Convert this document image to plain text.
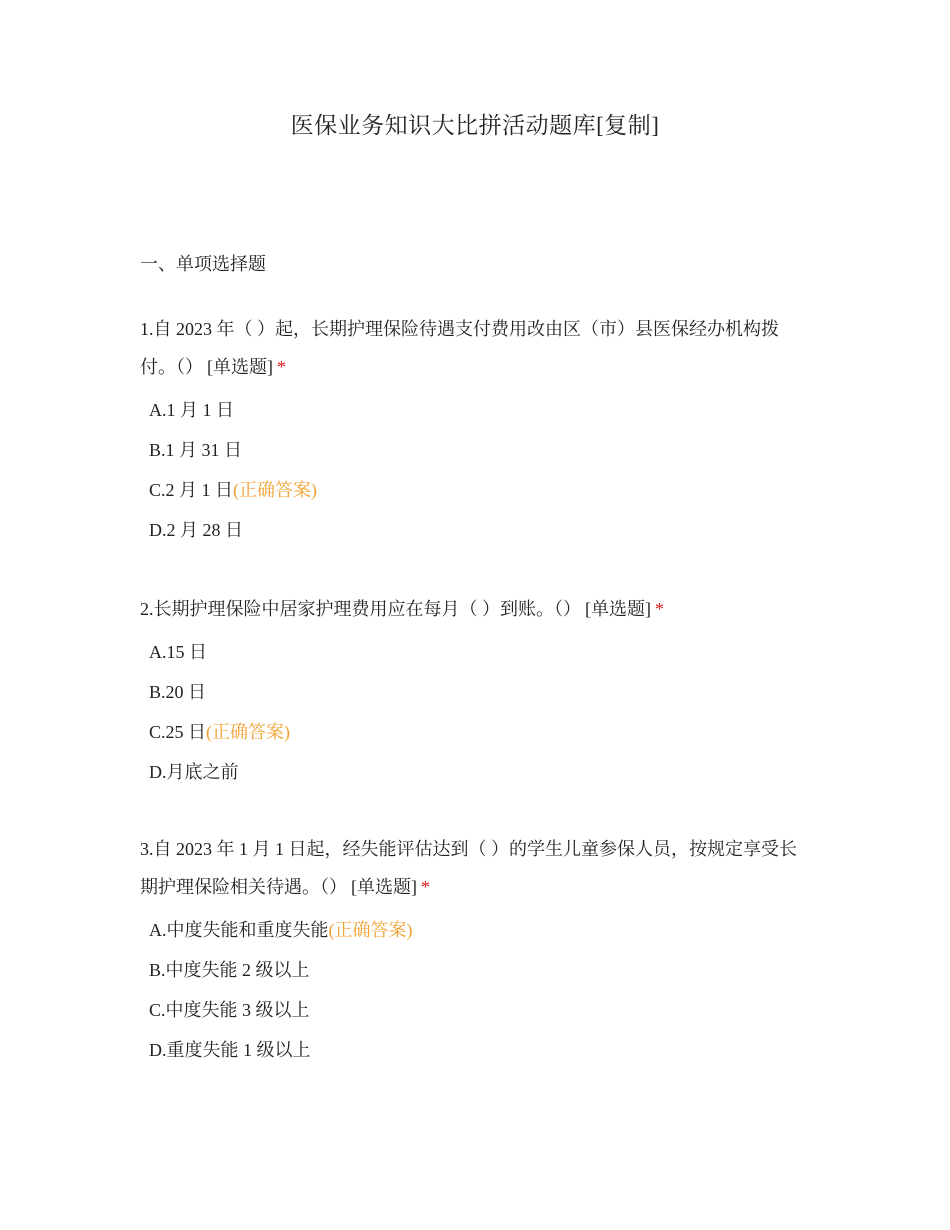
医保业务知识大比拼活动题库[复制]
一、单项选择题

1.自 2023 年（ ）起，长期护理保险待遇支付费用改由区（市）县医保经办机构拨付。（） [单选题] *

A.1 月 1 日
B.1 月 31 日
C.2 月 1 日(正确答案)
D.2 月 28 日

2.长期护理保险中居家护理费用应在每月（ ）到账。（） [单选题] *

A.15 日
B.20 日
C.25 日(正确答案)
D.月底之前

3.自 2023 年 1 月 1 日起，经失能评估达到（ ）的学生儿童参保人员，按规定享受长期护理保险相关待遇。（） [单选题] *

A.中度失能和重度失能(正确答案)
B.中度失能 2 级以上
C.中度失能 3 级以上
D.重度失能 1 级以上
